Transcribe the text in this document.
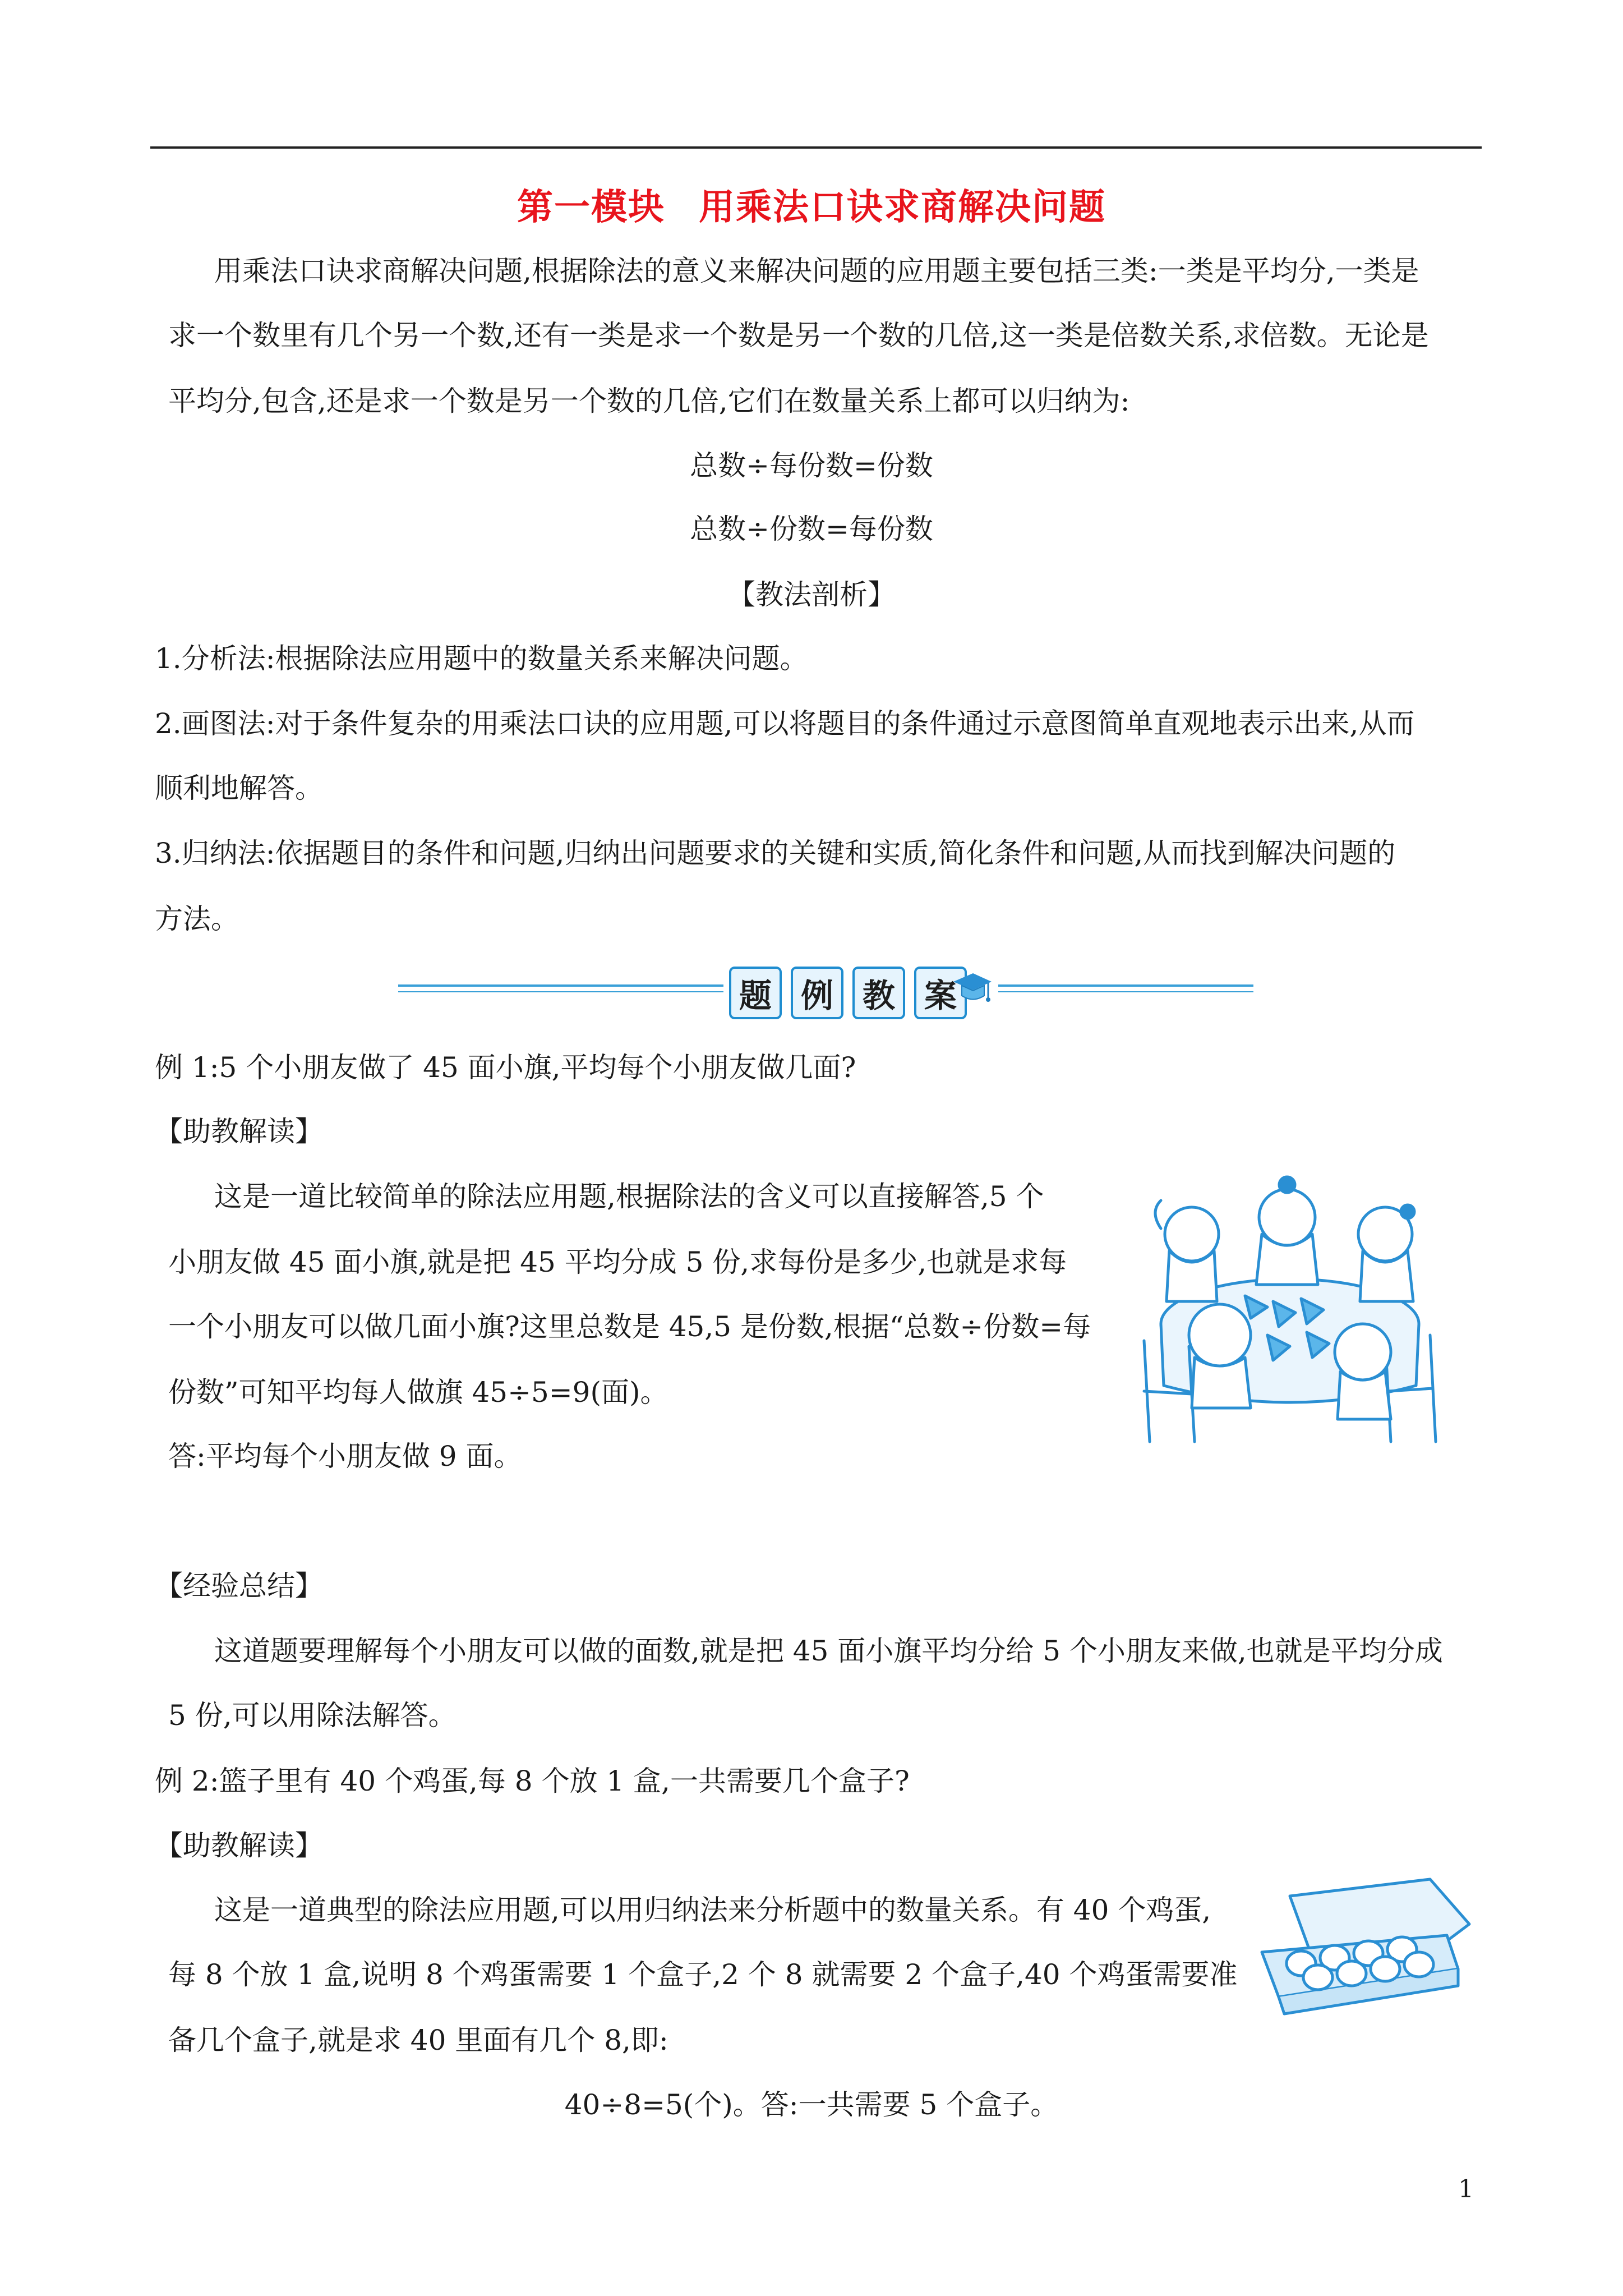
第一模块 用乘法口诀求商解决问题
用乘法口诀求商解决问题,根据除法的意义来解决问题的应用题主要包括三类:一类是平均分,一类是
求一个数里有几个另一个数,还有一类是求一个数是另一个数的几倍,这一类是倍数关系,求倍数。无论是
平均分,包含,还是求一个数是另一个数的几倍,它们在数量关系上都可以归纳为:
总数÷每份数=份数
总数÷份数=每份数
【教法剖析】
1.分析法:根据除法应用题中的数量关系来解决问题。
2.画图法:对于条件复杂的用乘法口诀的应用题,可以将题目的条件通过示意图简单直观地表示出来,从而
顺利地解答。
3.归纳法:依据题目的条件和问题,归纳出问题要求的关键和实质,简化条件和问题,从而找到解决问题的
方法。
题 例 教 案
例 1:5 个小朋友做了 45 面小旗,平均每个小朋友做几面?
【助教解读】
这是一道比较简单的除法应用题,根据除法的含义可以直接解答,5 个
小朋友做 45 面小旗,就是把 45 平均分成 5 份,求每份是多少,也就是求每
一个小朋友可以做几面小旗?这里总数是 45,5 是份数,根据“总数÷份数=每
份数”可知平均每人做旗 45÷5=9(面)。
答:平均每个小朋友做 9 面。
【经验总结】
这道题要理解每个小朋友可以做的面数,就是把 45 面小旗平均分给 5 个小朋友来做,也就是平均分成
5 份,可以用除法解答。
例 2:篮子里有 40 个鸡蛋,每 8 个放 1 盒,一共需要几个盒子?
【助教解读】
这是一道典型的除法应用题,可以用归纳法来分析题中的数量关系。有 40 个鸡蛋,
每 8 个放 1 盒,说明 8 个鸡蛋需要 1 个盒子,2 个 8 就需要 2 个盒子,40 个鸡蛋需要准
备几个盒子,就是求 40 里面有几个 8,即:
40÷8=5(个)。答:一共需要 5 个盒子。
1
